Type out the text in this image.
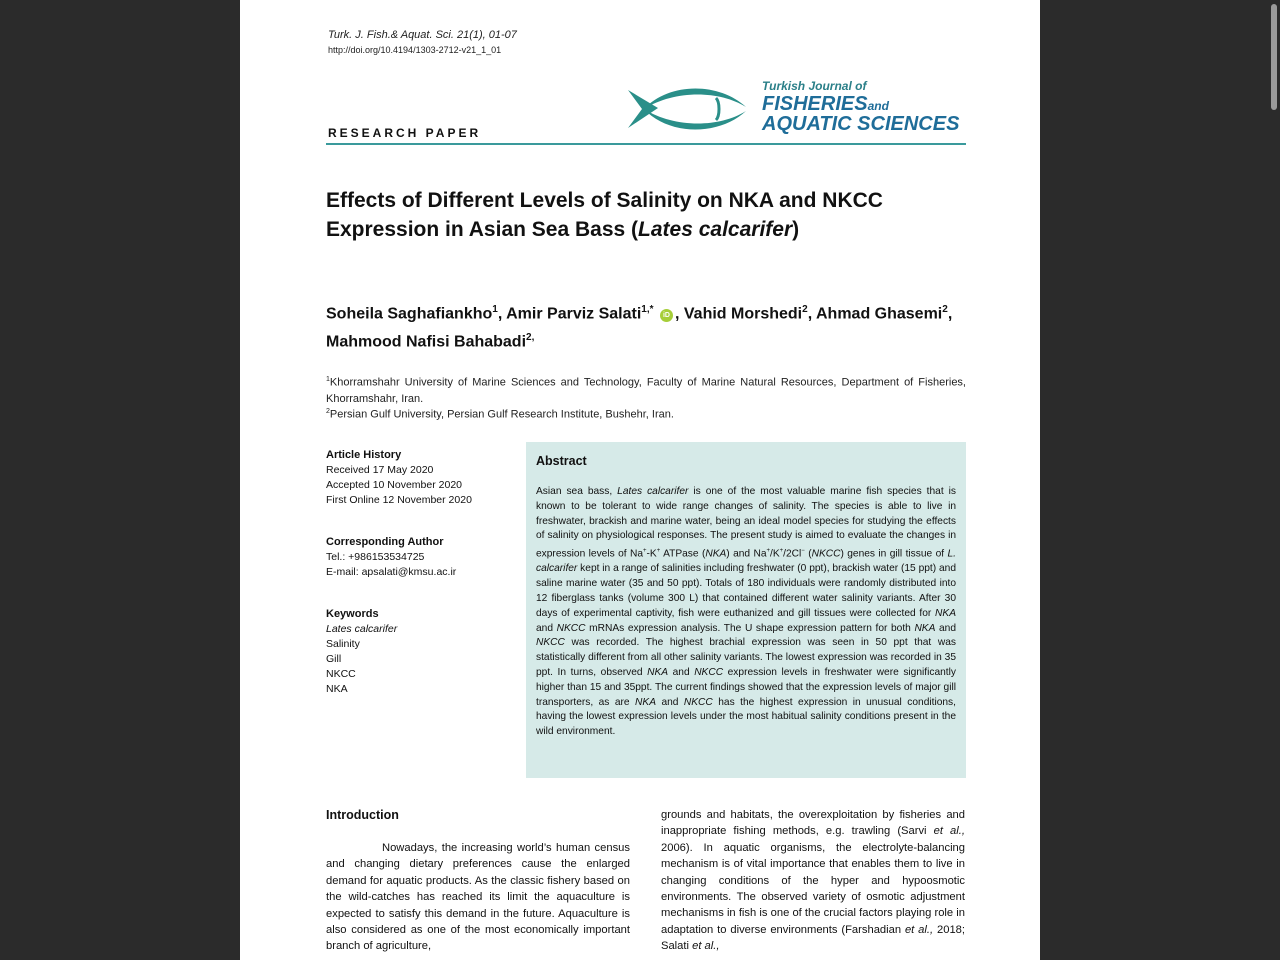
Turk. J. Fish.& Aquat. Sci. 21(1), 01-07
http://doi.org/10.4194/1303-2712-v21_1_01
Turkish Journal of
FISHERIESand
AQUATIC SCIENCES
RESEARCH PAPER
Effects of Different Levels of Salinity on NKA and NKCC
Expression in Asian Sea Bass (Lates calcarifer)
Soheila Saghafiankho$^1$, Amir Parviz Salati$^{1,*}$ iD , Vahid Morshedi$^2$, Ahmad Ghasemi$^2$,
Mahmood Nafisi Bahabadi$^{2,}$
$^1$Khorramshahr University of Marine Sciences and Technology, Faculty of Marine Natural Resources, Department of Fisheries, Khorramshahr, Iran.
$^2$Persian Gulf University, Persian Gulf Research Institute, Bushehr, Iran.
Article History
Received 17 May 2020
Accepted 10 November 2020
First Online 12 November 2020
Corresponding Author
Tel.: +986153534725
E-mail: apsalati@kmsu.ac.ir
Keywords
Lates calcarifer
Salinity
Gill
NKCC
NKA
Abstract
Asian sea bass, Lates calcarifer is one of the most valuable marine fish species that is known to be tolerant to wide range changes of salinity. The species is able to live in freshwater, brackish and marine water, being an ideal model species for studying the effects of salinity on physiological responses. The present study is aimed to evaluate the changes in expression levels of Na+-K+ ATPase (NKA) and Na+/K+/2Cl− (NKCC) genes in gill tissue of L. calcarifer kept in a range of salinities including freshwater (0 ppt), brackish water (15 ppt) and saline marine water (35 and 50 ppt). Totals of 180 individuals were randomly distributed into 12 fiberglass tanks (volume 300 L) that contained different water salinity variants. After 30 days of experimental captivity, fish were euthanized and gill tissues were collected for NKA and NKCC mRNAs expression analysis. The U shape expression pattern for both NKA and NKCC was recorded. The highest brachial expression was seen in 50 ppt that was statistically different from all other salinity variants. The lowest expression was recorded in 35 ppt. In turns, observed NKA and NKCC expression levels in freshwater were significantly higher than 15 and 35ppt. The current findings showed that the expression levels of major gill transporters, as are NKA and NKCC has the highest expression in unusual conditions, having the lowest expression levels under the most habitual salinity conditions present in the wild environment.
Introduction
Nowadays, the increasing world’s human census and changing dietary preferences cause the enlarged demand for aquatic products. As the classic fishery based on the wild-catches has reached its limit the aquaculture is expected to satisfy this demand in the future. Aquaculture is also considered as one of the most economically important branch of agriculture,
grounds and habitats, the overexploitation by fisheries and inappropriate fishing methods, e.g. trawling (Sarvi et al., 2006). In aquatic organisms, the electrolyte-balancing mechanism is of vital importance that enables them to live in changing conditions of the hyper and hypoosmotic environments. The observed variety of osmotic adjustment mechanisms in fish is one of the crucial factors playing role in adaptation to diverse environments (Farshadian et al., 2018; Salati et al.,
